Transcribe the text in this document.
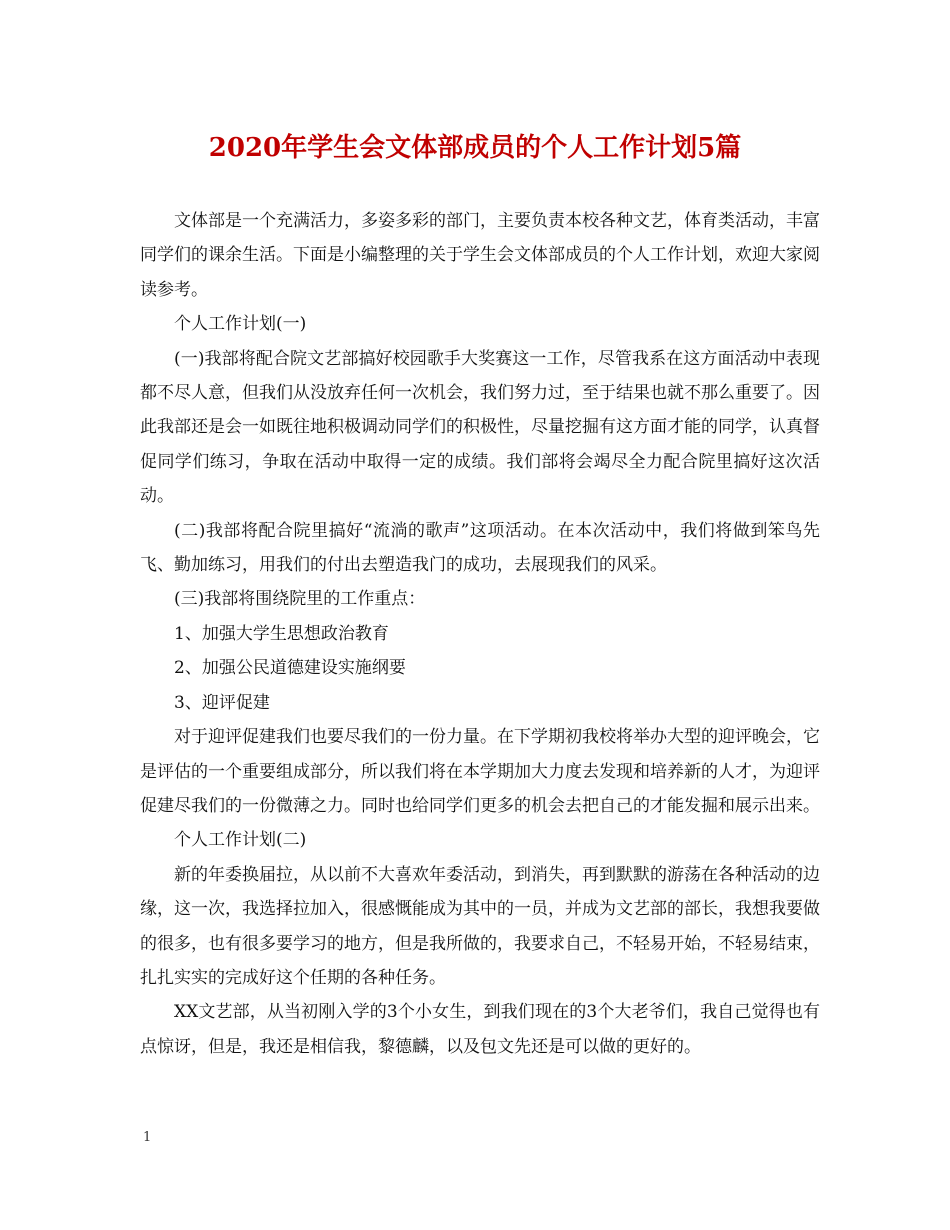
2020年学生会文体部成员的个人工作计划5篇

文体部是一个充满活力，多姿多彩的部门，主要负责本校各种文艺，体育类活动，丰富同学们的课余生活。下面是小编整理的关于学生会文体部成员的个人工作计划，欢迎大家阅读参考。

个人工作计划(一)

(一)我部将配合院文艺部搞好校园歌手大奖赛这一工作，尽管我系在这方面活动中表现都不尽人意，但我们从没放弃任何一次机会，我们努力过，至于结果也就不那么重要了。因此我部还是会一如既往地积极调动同学们的积极性，尽量挖掘有这方面才能的同学，认真督促同学们练习，争取在活动中取得一定的成绩。我们部将会竭尽全力配合院里搞好这次活动。

(二)我部将配合院里搞好“流淌的歌声”这项活动。在本次活动中，我们将做到笨鸟先飞、勤加练习，用我们的付出去塑造我门的成功，去展现我们的风采。

(三)我部将围绕院里的工作重点：

1、加强大学生思想政治教育

2、加强公民道德建设实施纲要

3、迎评促建

对于迎评促建我们也要尽我们的一份力量。在下学期初我校将举办大型的迎评晚会，它是评估的一个重要组成部分，所以我们将在本学期加大力度去发现和培养新的人才，为迎评促建尽我们的一份微薄之力。同时也给同学们更多的机会去把自己的才能发掘和展示出来。

个人工作计划(二)

新的年委换届拉，从以前不大喜欢年委活动，到消失，再到默默的游荡在各种活动的边缘，这一次，我选择拉加入，很感慨能成为其中的一员，并成为文艺部的部长，我想我要做的很多，也有很多要学习的地方，但是我所做的，我要求自己，不轻易开始，不轻易结束，扎扎实实的完成好这个任期的各种任务。

XX文艺部，从当初刚入学的3个小女生，到我们现在的3个大老爷们，我自己觉得也有点惊讶，但是，我还是相信我，黎德麟，以及包文先还是可以做的更好的。

1
